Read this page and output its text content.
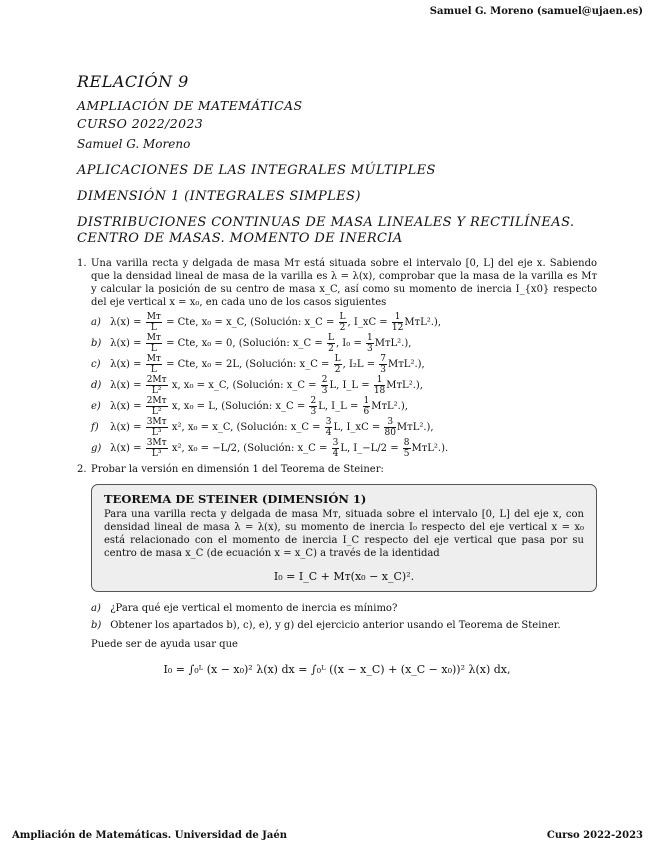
Samuel G. Moreno (samuel@ujaen.es)
RELACIÓN 9
AMPLIACIÓN DE MATEMÁTICAS
CURSO 2022/2023
Samuel G. Moreno
APLICACIONES DE LAS INTEGRALES MÚLTIPLES
DIMENSIÓN 1 (INTEGRALES SIMPLES)
DISTRIBUCIONES CONTINUAS DE MASA LINEALES Y RECTILÍNEAS.
CENTRO DE MASAS. MOMENTO DE INERCIA
1. Una varilla recta y delgada de masa Mᴛ está situada sobre el intervalo [0, L] del eje x. Sabiendo que la densidad lineal de masa de la varilla es λ = λ(x), comprobar que la masa de la varilla es Mᴛ y calcular la posición de su centro de masa x_C, así como su momento de inercia I_{x0} respecto del eje vertical x = x₀, en cada uno de los casos siguientes
a) $\lambda(x) = \frac{\text{Mᴛ}}{L}$ = Cte, x₀ = x_C, (Solución: x_C = $\frac{L}{2}$ , I_xC = $\frac{1}{12}$ MᴛL².),
b) $\lambda(x) = \frac{\text{Mᴛ}}{L}$ = Cte, x₀ = 0, (Solución: x_C = $\frac{L}{2}$ , $I_0 = \frac{1}{3}$ MᴛL².),
c) $\lambda(x) = \frac{\text{Mᴛ}}{L}$ = Cte, x₀ = 2L, (Solución: x_C = $\frac{L}{2}$ , $I_2L = \frac{7}{3}$ MᴛL².),
d) $\lambda(x) = \frac{\text{2Mᴛ}}{\text{L²}} x$, x₀ = x_C, (Solución: x_C = $\frac{2}{3} L$, I_L = $\frac{1}{18}$ MᴛL².),
e) $\lambda(x) = \frac{\text{2Mᴛ}}{\text{L²}} x$, x₀ = L, (Solución: x_C = $\frac{2}{3} L$, I_L = $\frac{1}{6}$ MᴛL².),
f) $\lambda(x) = \frac{\text{3Mᴛ}}{\text{L³}} x^2$, x₀ = x_C, (Solución: x_C = $\frac{3}{4} L$, I_xC = $\frac{3}{80}$ MᴛL².),
g) $\lambda(x) = \frac{\text{3Mᴛ}}{\text{L³}} x^2$, x₀ = −L/2, (Solución: x_C = $\frac{3}{4} L$, I_−L/2 = $\frac{8}{5}$ MᴛL².).
2. Probar la versión en dimensión 1 del Teorema de Steiner:
TEOREMA DE STEINER (DIMENSIÓN 1)
Para una varilla recta y delgada de masa Mᴛ, situada sobre el intervalo [0, L] del eje x, con densidad lineal de masa λ = λ(x), su momento de inercia I₀ respecto del eje vertical x = x₀ está relacionado con el momento de inercia I_C respecto del eje vertical que pasa por su centro de masa x_C (de ecuación x = x_C) a través de la identidad
I₀ = I_C + Mᴛ(x₀ − x_C)².
a) ¿Para qué eje vertical el momento de inercia es mínimo?
b) Obtener los apartados b), c), e), y g) del ejercicio anterior usando el Teorema de Steiner.
Puede ser de ayuda usar que
I₀ = ∫₀ᴸ (x − x₀)² λ(x) dx = ∫₀ᴸ ((x − x_C) + (x_C − x₀))² λ(x) dx,
Ampliación de Matemáticas. Universidad de Jaén	Curso 2022-2023
